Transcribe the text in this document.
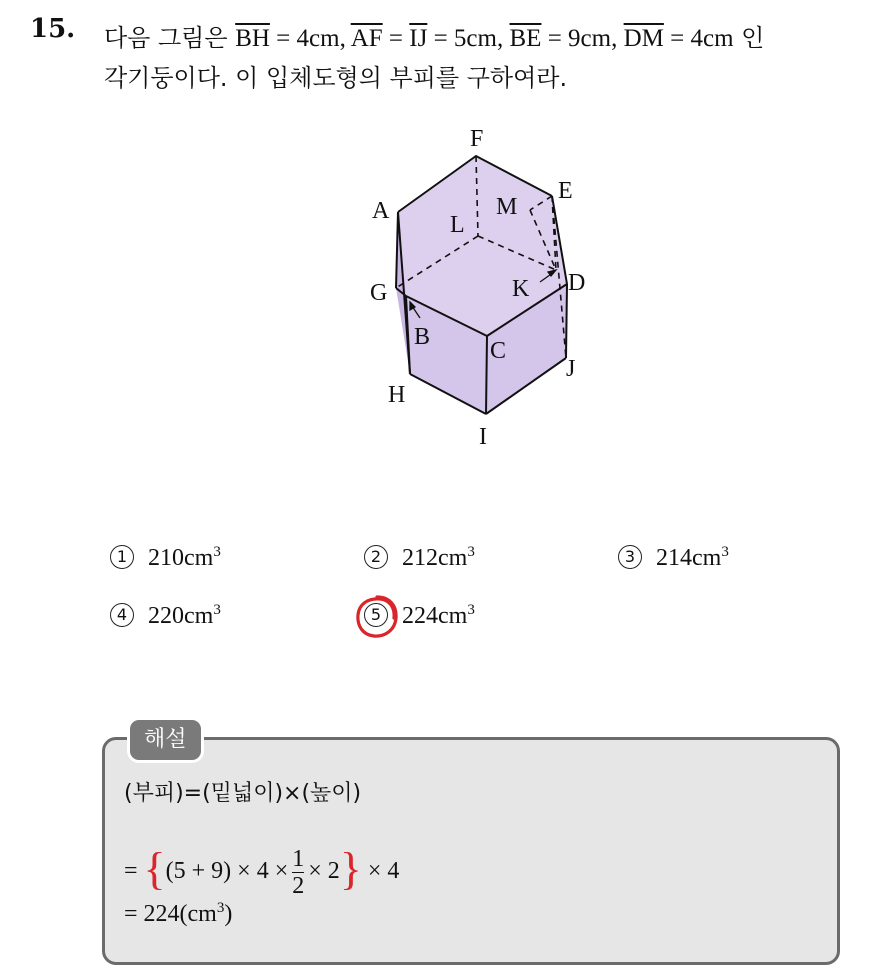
15. 다음 그림은 $\overline{BH} = 4cm$, $\overline{AF} = \overline{IJ} = 5cm$, $\overline{BE} = 9cm$, $\overline{DM} = 4cm$ 인
각기둥이다. 이 입체도형의 부피를 구하여라.
F
E
A
L
M
K D
G
B
C
J
H
I
1 $210cm^3$	2 $212cm^3$	3 $214cm^3$
4 $220cm^3$	5 $224cm^3$
해설
(부피)=(밑넓이)×(높이)
= $\{(5 + 9) \times 4 \times \frac{1}{2} \times 2\} \times 4$
= $224(cm^3)$
